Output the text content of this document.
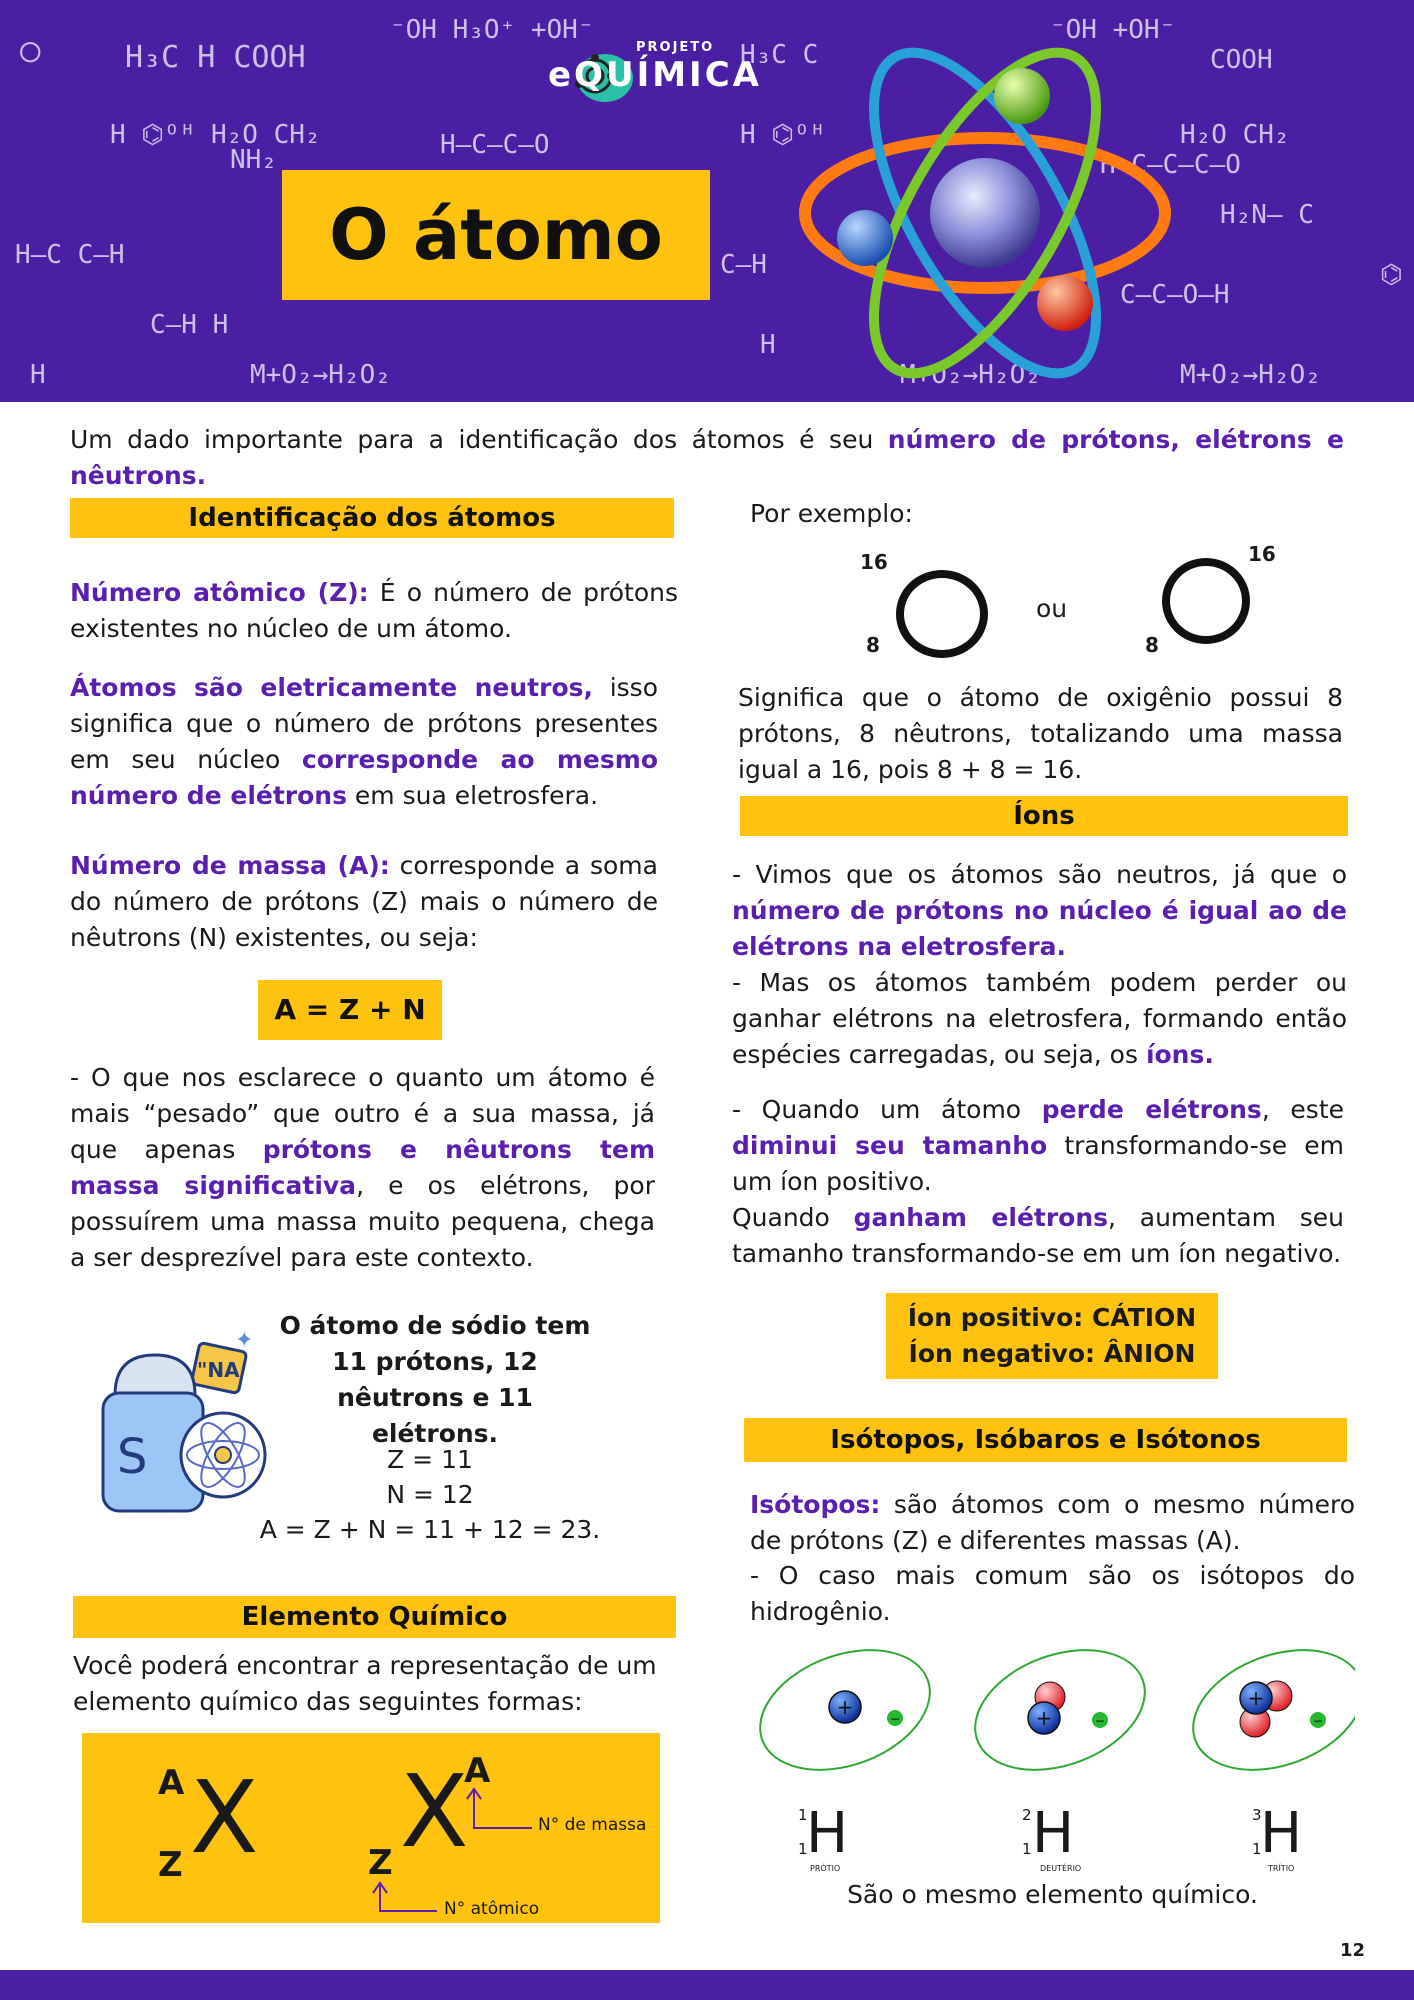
○	H₃C H COOH
⁻OH H₃O⁺ +OH⁻
H ⌬ᴼᴴ H₂O CH₂
NH₂	H–C–C–O
H–C C–H
C–H H
M+O₂→H₂O₂
H
H₃C C
H ⌬ᴼᴴ
C–H
H
M+O₂→H₂O₂
⁻OH +OH⁻
COOH
H₂O CH₂
H–C–C–C–O
H₂N– C
C–C–O–H
M+O₂→H₂O₂
⌬
PROJETO
eQUÍMICA
O átomo
Um dado importante para a identificação dos átomos é seu número de prótons, elétrons e nêutrons.
Identificação dos átomos
Número atômico (Z): É o número de prótons existentes no núcleo de um átomo.
Átomos são eletricamente neutros, isso significa que o número de prótons presentes em seu núcleo corresponde ao mesmo número de elétrons em sua eletrosfera.
Número de massa (A): corresponde a soma do número de prótons (Z) mais o número de nêutrons (N) existentes, ou seja:
A = Z + N
- O que nos esclarece o quanto um átomo é mais “pesado” que outro é a sua massa, já que apenas prótons e nêutrons tem massa significativa, e os elétrons, por possuírem uma massa muito pequena, chega a ser desprezível para este contexto.
"NA
✦
S
O átomo de sódio tem 11 prótons, 12 nêutrons e 11 elétrons.
Z = 11
N = 12
A = Z + N = 11 + 12 = 23.
Elemento Químico
Você poderá encontrar a representação de um elemento químico das seguintes formas:
A
Z X	Z X
A
N° de massa
N° atômico
Por exemplo:
16
8
ou
16
8
Significa que o átomo de oxigênio possui 8 prótons, 8 nêutrons, totalizando uma massa igual a 16, pois 8 + 8 = 16.
Íons
- Vimos que os átomos são neutros, já que o número de prótons no núcleo é igual ao de elétrons na eletrosfera.
- Mas os átomos também podem perder ou ganhar elétrons na eletrosfera, formando então espécies carregadas, ou seja, os íons.
- Quando um átomo perde elétrons, este diminui seu tamanho transformando-se em um íon positivo.
Quando ganham elétrons, aumentam seu tamanho transformando-se em um íon negativo.
Íon positivo: CÁTION
Íon negativo: ÂNION
Isótopos, Isóbaros e Isótonos
Isótopos: são átomos com o mesmo número de prótons (Z) e diferentes massas (A).
- O caso mais comum são os isótopos do hidrogênio.
+	−	+	−
+
−
1
1
H
PRÓTIO
2
1 H
DEUTÉRIO
3
1
H
TRÍTIO
São o mesmo elemento químico.
12
